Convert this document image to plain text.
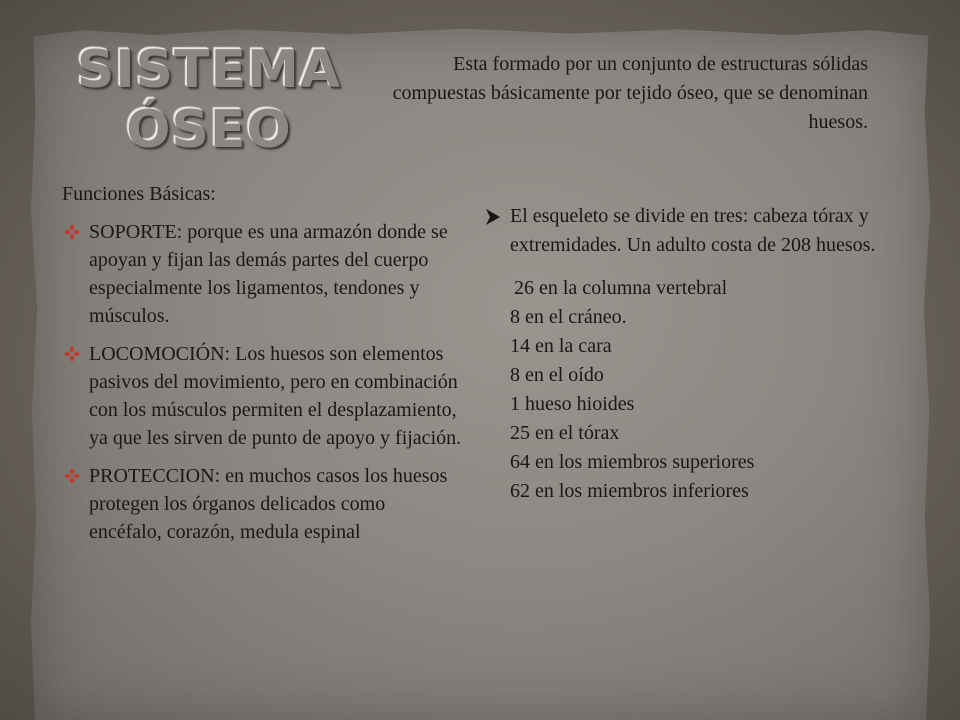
SISTEMA
ÓSEO
Esta formado por un conjunto de estructuras sólidas compuestas básicamente por tejido óseo, que se denominan huesos.
Funciones Básicas:
SOPORTE: porque es una armazón donde se apoyan y fijan las demás partes del cuerpo especialmente los ligamentos, tendones y músculos.
LOCOMOCIÓN: Los huesos son elementos pasivos del movimiento, pero en combinación con los músculos permiten el desplazamiento, ya que les sirven de punto de apoyo y fijación.
PROTECCION: en muchos casos los huesos protegen los órganos delicados como encéfalo, corazón, medula espinal
El esqueleto se divide en tres: cabeza tórax y extremidades. Un adulto costa de 208 huesos.
26 en la columna vertebral
8 en el cráneo.
14 en la cara
8 en el oído
1 hueso hioides
25 en el tórax
64 en los miembros superiores
62 en los miembros inferiores
